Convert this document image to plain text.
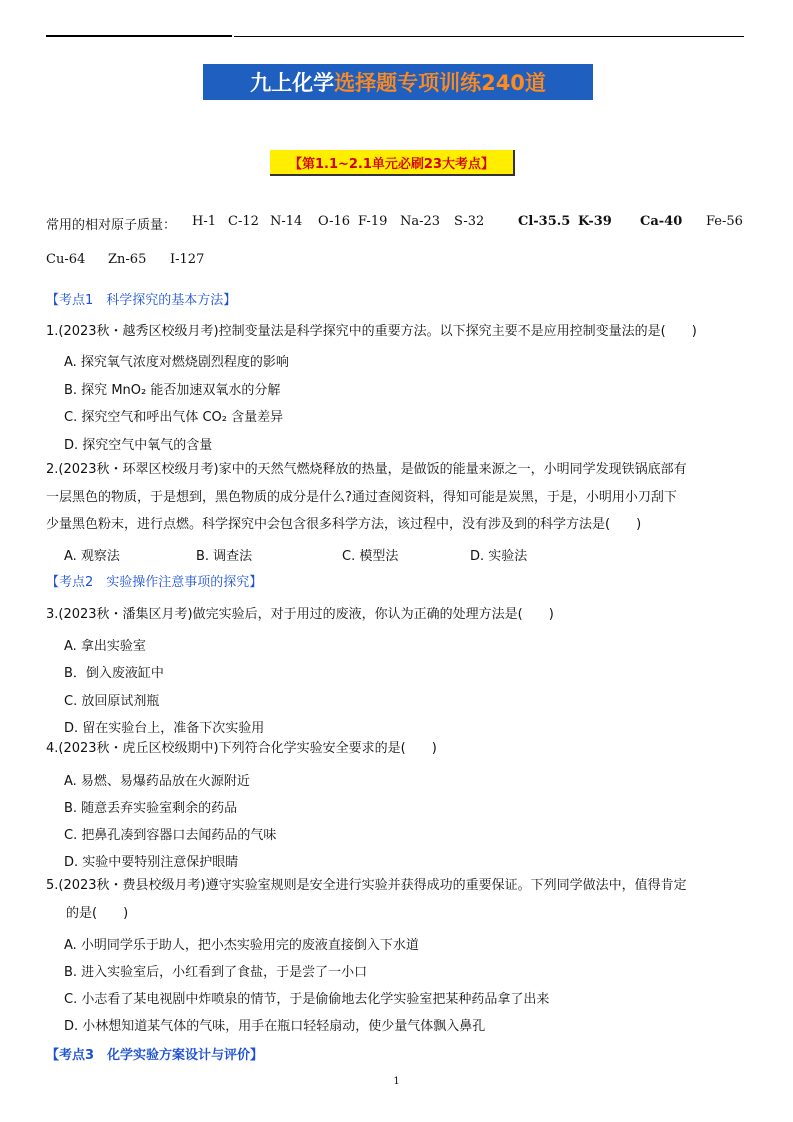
九上化学 选择题专项训练240道
【第1.1~2.1单元必刷23大考点】
常用的相对原子质量： H-1 C-12 N-14 O-16 F-19 Na-23 S-32	Cl-35.5 K-39 Ca-40 Fe-56
Cu-64 Zn-65 I-127
【考点1　科学探究的基本方法】
1.(2023秋・越秀区校级月考)控制变量法是科学探究中的重要方法。以下探究主要不是应用控制变量法的是(　　)
A. 探究氧气浓度对燃烧剧烈程度的影响
B. 探究 MnO₂ 能否加速双氧水的分解
C. 探究空气和呼出气体 CO₂ 含量差异
D. 探究空气中氧气的含量
2.(2023秋・环翠区校级月考)家中的天然气燃烧释放的热量，是做饭的能量来源之一，小明同学发现铁锅底部有
一层黑色的物质，于是想到，黑色物质的成分是什么?通过查阅资料，得知可能是炭黑，于是，小明用小刀刮下
少量黑色粉末，进行点燃。科学探究中会包含很多科学方法，该过程中，没有涉及到的科学方法是(　　)
A. 观察法	B. 调查法	C. 模型法	D. 实验法
【考点2　实验操作注意事项的探究】
3.(2023秋・潘集区月考)做完实验后，对于用过的废液，你认为正确的处理方法是(　　)
A. 拿出实验室
B．倒入废液缸中
C. 放回原试剂瓶
D. 留在实验台上，准备下次实验用
4.(2023秋・虎丘区校级期中)下列符合化学实验安全要求的是(　　)
A. 易燃、易爆药品放在火源附近
B. 随意丢弃实验室剩余的药品
C. 把鼻孔凑到容器口去闻药品的气味
D. 实验中要特别注意保护眼睛
5.(2023秋・费县校级月考)遵守实验室规则是安全进行实验并获得成功的重要保证。下列同学做法中，值得肯定
的是(　　)
A. 小明同学乐于助人，把小杰实验用完的废液直接倒入下水道
B. 进入实验室后，小红看到了食盐，于是尝了一小口
C. 小志看了某电视剧中炸喷泉的情节，于是偷偷地去化学实验室把某种药品拿了出来
D. 小林想知道某气体的气味，用手在瓶口轻轻扇动，使少量气体飘入鼻孔
【考点3　化学实验方案设计与评价】
1
